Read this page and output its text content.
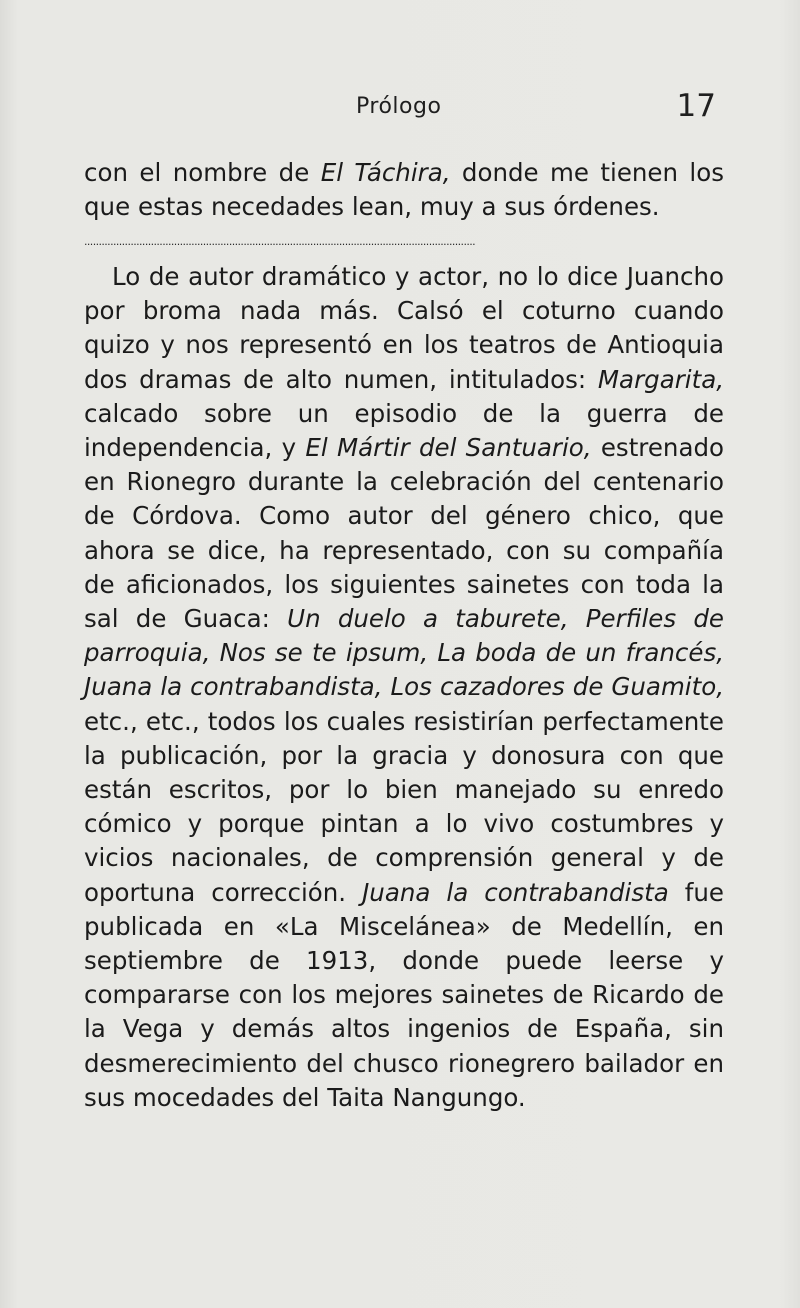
Prólogo	17

con el nombre de El Táchira, donde me tienen los que estas necedades lean, muy a sus órdenes.

.......................................................................................................................................

Lo de autor dramático y actor, no lo dice Juancho por broma nada más. Calsó el coturno cuando quizo y nos representó en los teatros de Antioquia dos dramas de alto numen, intitulados: Margarita, calcado sobre un episodio de la guerra de independencia, y El Mártir del Santuario, estrenado en Rionegro durante la celebración del centenario de Córdova. Como autor del género chico, que ahora se dice, ha representado, con su compañía de aficionados, los siguientes sainetes con toda la sal de Guaca: Un duelo a taburete, Perfiles de parroquia, Nos se te ipsum, La boda de un francés, Juana la contrabandista, Los cazadores de Guamito, etc., etc., todos los cuales resistirían perfectamente la publicación, por la gracia y donosura con que están escritos, por lo bien manejado su enredo cómico y porque pintan a lo vivo costumbres y vicios nacionales, de comprensión general y de oportuna corrección. Juana la contrabandista fue publicada en «La Miscelánea» de Medellín, en septiembre de 1913, donde puede leerse y compararse con los mejores sainetes de Ricardo de la Vega y demás altos ingenios de España, sin desmerecimiento del chusco rionegrero bailador en sus mocedades del Taita Nangungo.
